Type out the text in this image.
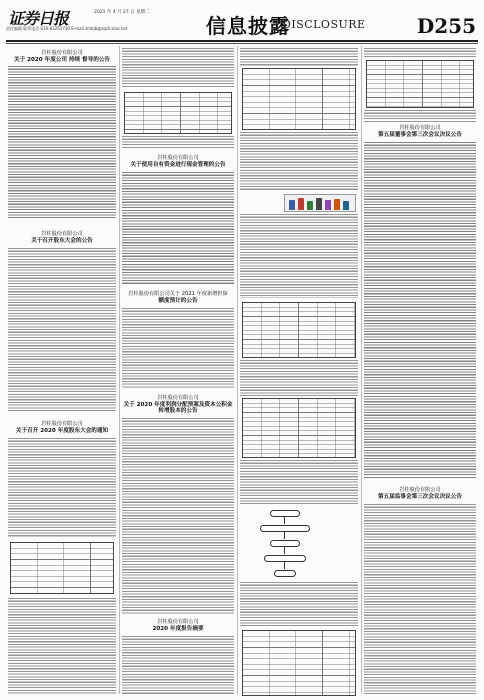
证券日报	2021 年 4 月 27 日 星期二
责任编辑 联系电话 010-83251730 E-mail zmbjb@zqrb.sina.net	信息披露
DISCLOSURE	D255
岩柱股份有限公司
关于 2020 年度公司 持续 督导的公告
岩柱股份有限公司
关于召开股东大会的公告
岩柱股份有限公司
关于召开 2020 年度股东大会的通知
岩柱股份有限公司
关于使用自有资金进行现金管理的公告
岩柱股份有限公司关于 2021 年度新增担保
额度预计的公告
岩柱股份有限公司
关于 2020 年度利润分配预案及资本公积金转增股本的公告
岩柱股份有限公司
2020 年度报告摘要
岩柱股份有限公司
第五届董事会第三次会议决议公告
岩柱股份有限公司
第五届监事会第三次会议决议公告
